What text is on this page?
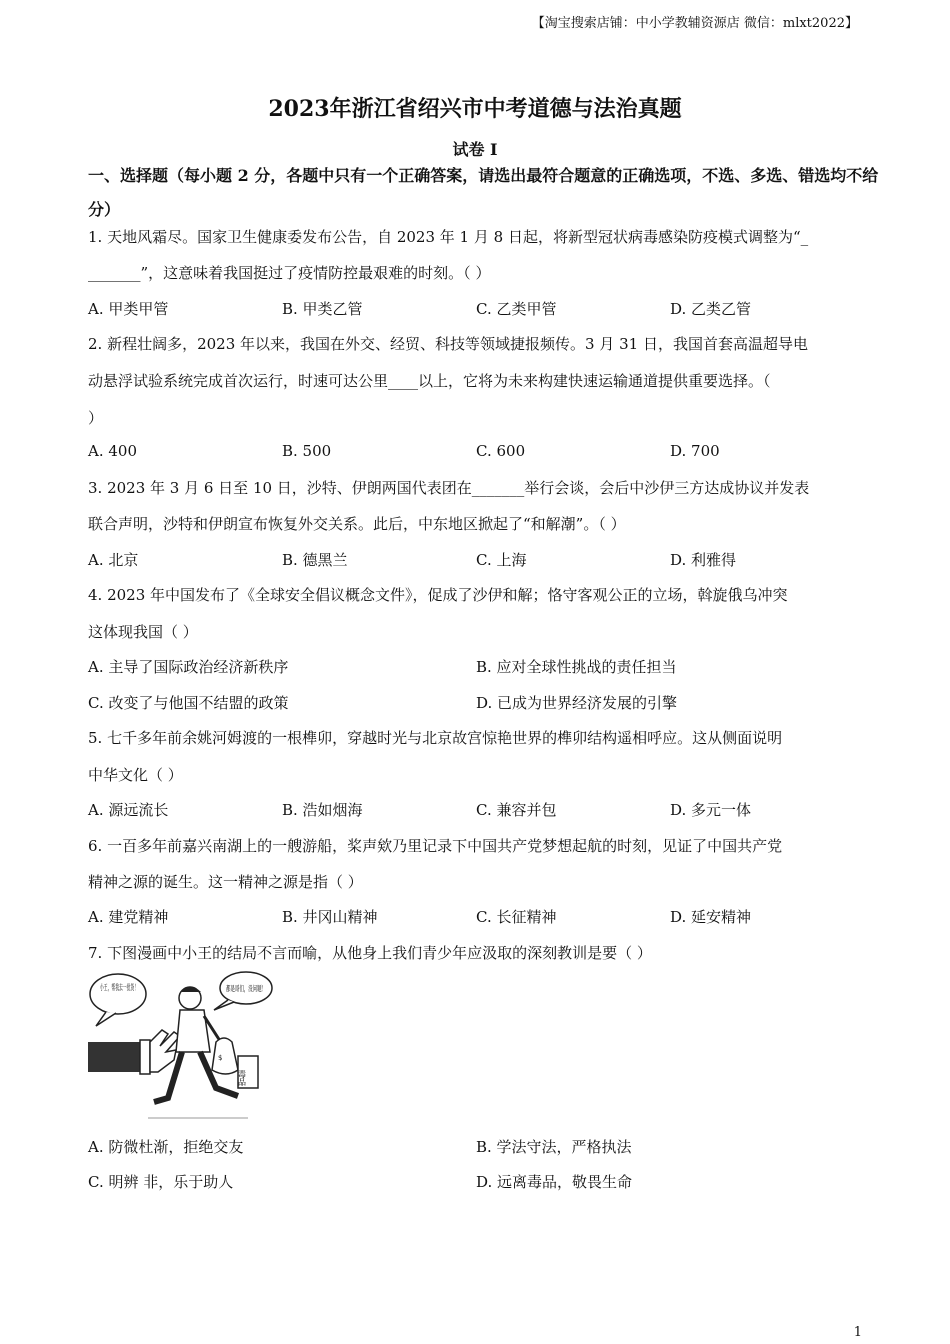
【淘宝搜索店铺：中小学教辅资源店 微信：mlxt2022】
2023年浙江省绍兴市中考道德与法治真题
试卷 I
一、选择题（每小题 2 分，各题中只有一个正确答案，请选出最符合题意的正确选项，不选、多选、错选均不给分）
1. 天地风霜尽。国家卫生健康委发布公告，自 2023 年 1 月 8 日起，将新型冠状病毒感染防疫模式调整为“_
_______”，这意味着我国挺过了疫情防控最艰难的时刻。（ ）
A. 甲类甲管	B. 甲类乙管	C. 乙类甲管	D. 乙类乙管
2. 新程壮阔多，2023 年以来，我国在外交、经贸、科技等领域捷报频传。3 月 31 日，我国首套高温超导电
动悬浮试验系统完成首次运行，时速可达公里____以上，它将为未来构建快速运输通道提供重要选择。（
）
A. 400	B. 500	C. 600	D. 700
3. 2023 年 3 月 6 日至 10 日，沙特、伊朗两国代表团在_______举行会谈，会后中沙伊三方达成协议并发表
联合声明，沙特和伊朗宣布恢复外交关系。此后，中东地区掀起了“和解潮”。（ ）
A. 北京	B. 德黑兰	C. 上海	D. 利雅得
4. 2023 年中国发布了《全球安全倡议概念文件》，促成了沙伊和解；恪守客观公正的立场，斡旋俄乌冲突
这体现我国（ ）
A. 主导了国际政治经济新秩序	B. 应对全球性挑战的责任担当
C. 改变了与他国不结盟的政策	D. 已成为世界经济发展的引擎
5. 七千多年前余姚河姆渡的一根榫卯，穿越时光与北京故宫惊艳世界的榫卯结构遥相呼应。这从侧面说明
中华文化（ ）
A. 源远流长	B. 浩如烟海	C. 兼容并包	D. 多元一体
6. 一百多年前嘉兴南湖上的一艘游船，桨声欸乃里记录下中国共产党梦想起航的时刻，见证了中国共产党
精神之源的诞生。这一精神之源是指（ ）
A. 建党精神	B. 井冈山精神	C. 长征精神	D. 延安精神
7. 下图漫画中小王的结局不言而喻，从他身上我们青少年应汲取的深刻教训是要（ ）
都是哥们，没问题！
$
毒品
A. 防微杜渐，拒绝交友	B. 学法守法，严格执法
C. 明辨 非，乐于助人	D. 远离毒品，敬畏生命
1
